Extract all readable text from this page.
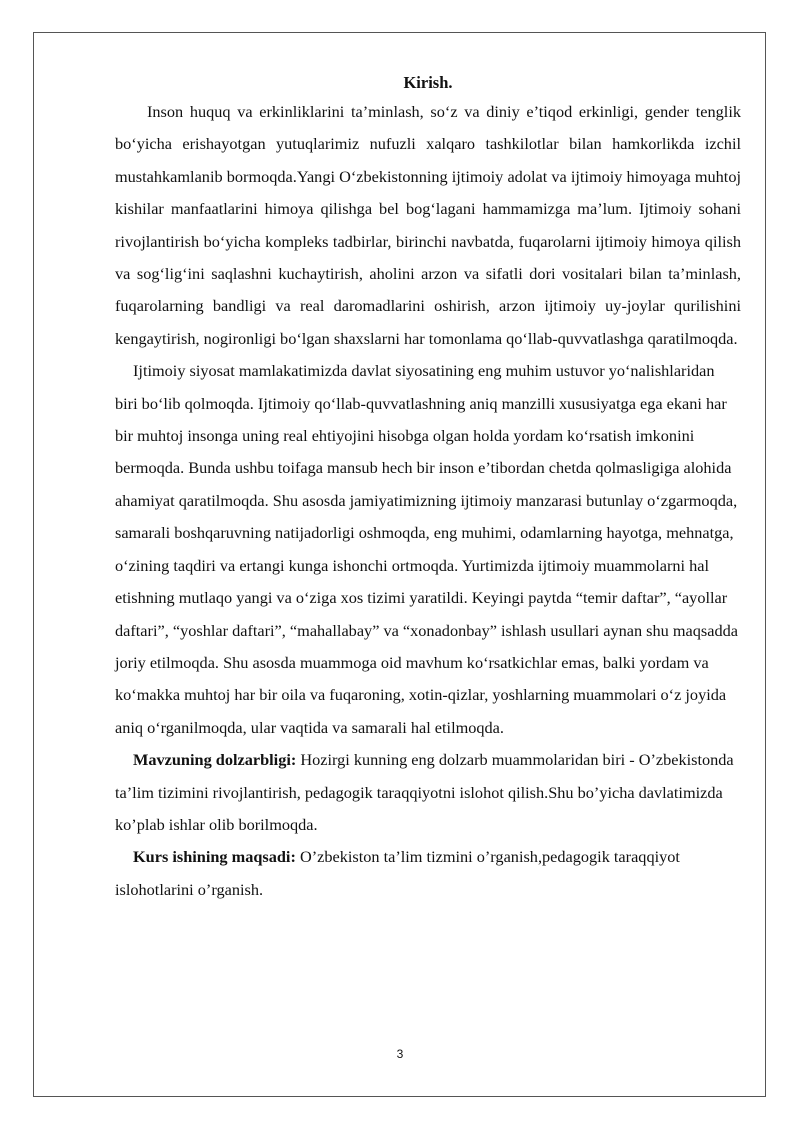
Kirish.

Inson huquq va erkinliklarini ta’minlash, so‘z va diniy e’tiqod erkinligi, gender tenglik bo‘yicha erishayotgan yutuqlarimiz nufuzli xalqaro tashkilotlar bilan hamkorlikda izchil mustahkamlanib bormoqda.Yangi O‘zbekistonning ijtimoiy adolat va ijtimoiy himoyaga muhtoj kishilar manfaatlarini himoya qilishga bel bog‘lagani hammamizga ma’lum. Ijtimoiy sohani rivojlantirish bo‘yicha kompleks tadbirlar, birinchi navbatda, fuqarolarni ijtimoiy himoya qilish va sog‘lig‘ini saqlashni kuchaytirish, aholini arzon va sifatli dori vositalari bilan ta’minlash, fuqarolarning bandligi va real daromadlarini oshirish, arzon ijtimoiy uy-joylar qurilishini kengaytirish, nogironligi bo‘lgan shaxslarni har tomonlama qo‘llab-quvvatlashga qaratilmoqda.

Ijtimoiy siyosat mamlakatimizda davlat siyosatining eng muhim ustuvor yo‘nalishlaridan biri bo‘lib qolmoqda. Ijtimoiy qo‘llab-quvvatlashning aniq manzilli xususiyatga ega ekani har bir muhtoj insonga uning real ehtiyojini hisobga olgan holda yordam ko‘rsatish imkonini bermoqda. Bunda ushbu toifaga mansub hech bir inson e’tibordan chetda qolmasligiga alohida ahamiyat qaratilmoqda. Shu asosda jamiyatimizning ijtimoiy manzarasi butunlay o‘zgarmoqda, samarali boshqaruvning natijadorligi oshmoqda, eng muhimi, odamlarning hayotga, mehnatga, o‘zining taqdiri va ertangi kunga ishonchi ortmoqda. Yurtimizda ijtimoiy muammolarni hal etishning mutlaqo yangi va o‘ziga xos tizimi yaratildi. Keyingi paytda “temir daftar”, “ayollar daftari”, “yoshlar daftari”, “mahallabay” va “xonadonbay” ishlash usullari aynan shu maqsadda joriy etilmoqda. Shu asosda muammoga oid mavhum ko‘rsatkichlar emas, balki yordam va ko‘makka muhtoj har bir oila va fuqaroning, xotin-qizlar, yoshlarning muammolari o‘z joyida aniq o‘rganilmoqda, ular vaqtida va samarali hal etilmoqda.

Mavzuning dolzarbligi: Hozirgi kunning eng dolzarb muammolaridan biri - O’zbekistonda ta’lim tizimini rivojlantirish, pedagogik taraqqiyotni islohot qilish.Shu bo’yicha davlatimizda ko’plab ishlar olib borilmoqda.

Kurs ishining maqsadi: O’zbekiston ta’lim tizmini o’rganish,pedagogik taraqqiyot islohotlarini o’rganish.

3
